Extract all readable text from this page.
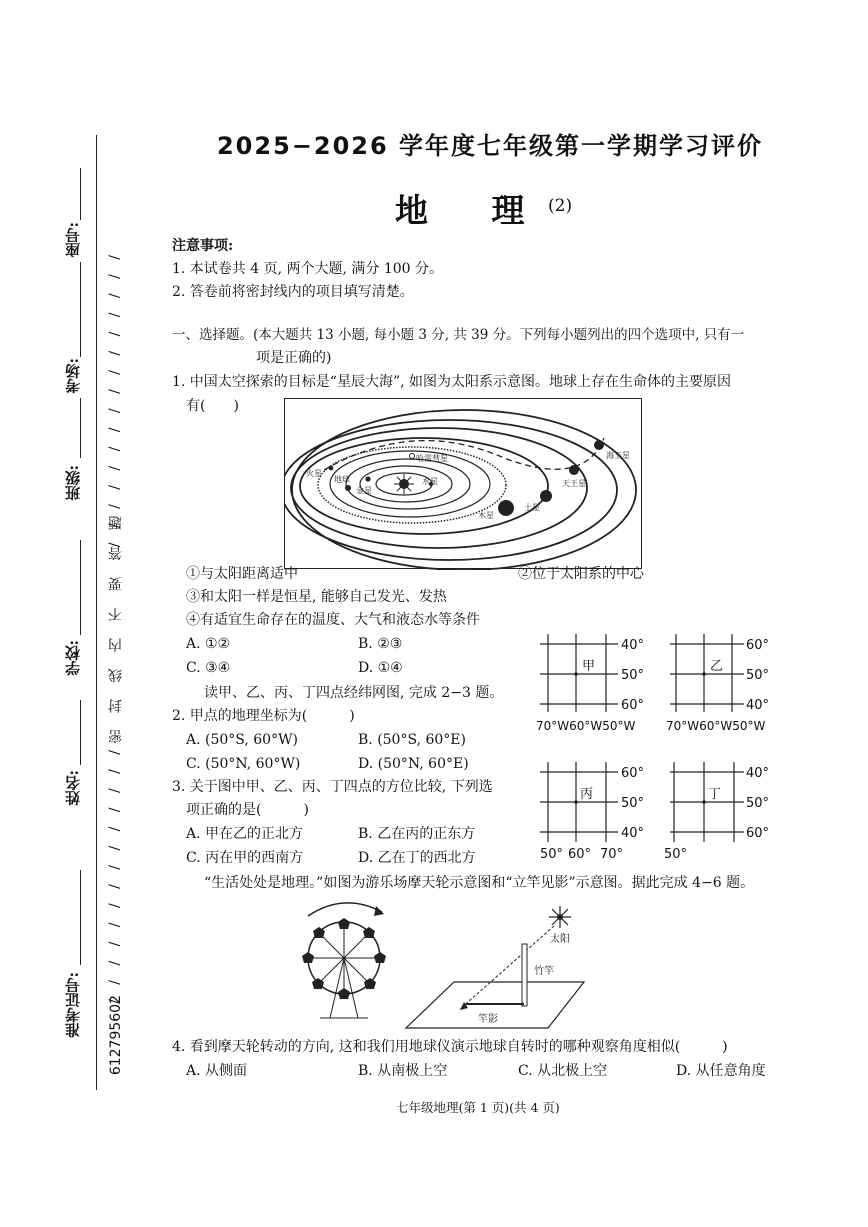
座号:
考场:
班级:
学校:
姓名:
准考证号:
/ / / / / / / / / / / / / / / /
密 封 线 内 不 要 答 题
/ / / / / / / / / / / / / /
612795602
2025−2026 学年度七年级第一学期学习评价
地 理
(2)
注意事项:
1. 本试卷共 4 页, 两个大题, 满分 100 分。
2. 答卷前将密封线内的项目填写清楚。
一、选择题。(本大题共 13 小题, 每小题 3 分, 共 39 分。下列每小题列出的四个选项中, 只有一
项是正确的)
1. 中国太空探索的目标是“星辰大海”, 如图为太阳系示意图。地球上存在生命体的主要原因
有(　　)
哈雷彗星
地球
金星
水星
火星
木星
土星
天王星
海王星
①与太阳距离适中	②位于太阳系的中心
③和太阳一样是恒星, 能够自己发光、发热
④有适宜生命存在的温度、大气和液态水等条件
A. ①②	B. ②③
C. ③④	D. ①④
读甲、乙、丙、丁四点经纬网图, 完成 2−3 题。
2. 甲点的地理坐标为(　　　)
A. (50°S, 60°W)	B. (50°S, 60°E)
C. (50°N, 60°W)	D. (50°N, 60°E)
3. 关于图中甲、乙、丙、丁四点的方位比较, 下列选
项正确的是(　　　)
A. 甲在乙的正北方	B. 乙在丙的正东方
C. 丙在甲的西南方	D. 乙在丁的西北方
甲	乙
丙	丁
40°
50°
60°
70°W60°W50°W
60°
50°
40°
70°W60°W50°W
60°
50°
40°
50° 60° 70°
40°
50°
60°
50°
“生活处处是地理。”如图为游乐场摩天轮示意图和“立竿见影”示意图。据此完成 4−6 题。
太阳
竹竿
竿影
4. 看到摩天轮转动的方向, 这和我们用地球仪演示地球自转时的哪种观察角度相似(　　　)
A. 从侧面	B. 从南极上空	C. 从北极上空	D. 从任意角度
七年级地理(第 1 页)(共 4 页)
